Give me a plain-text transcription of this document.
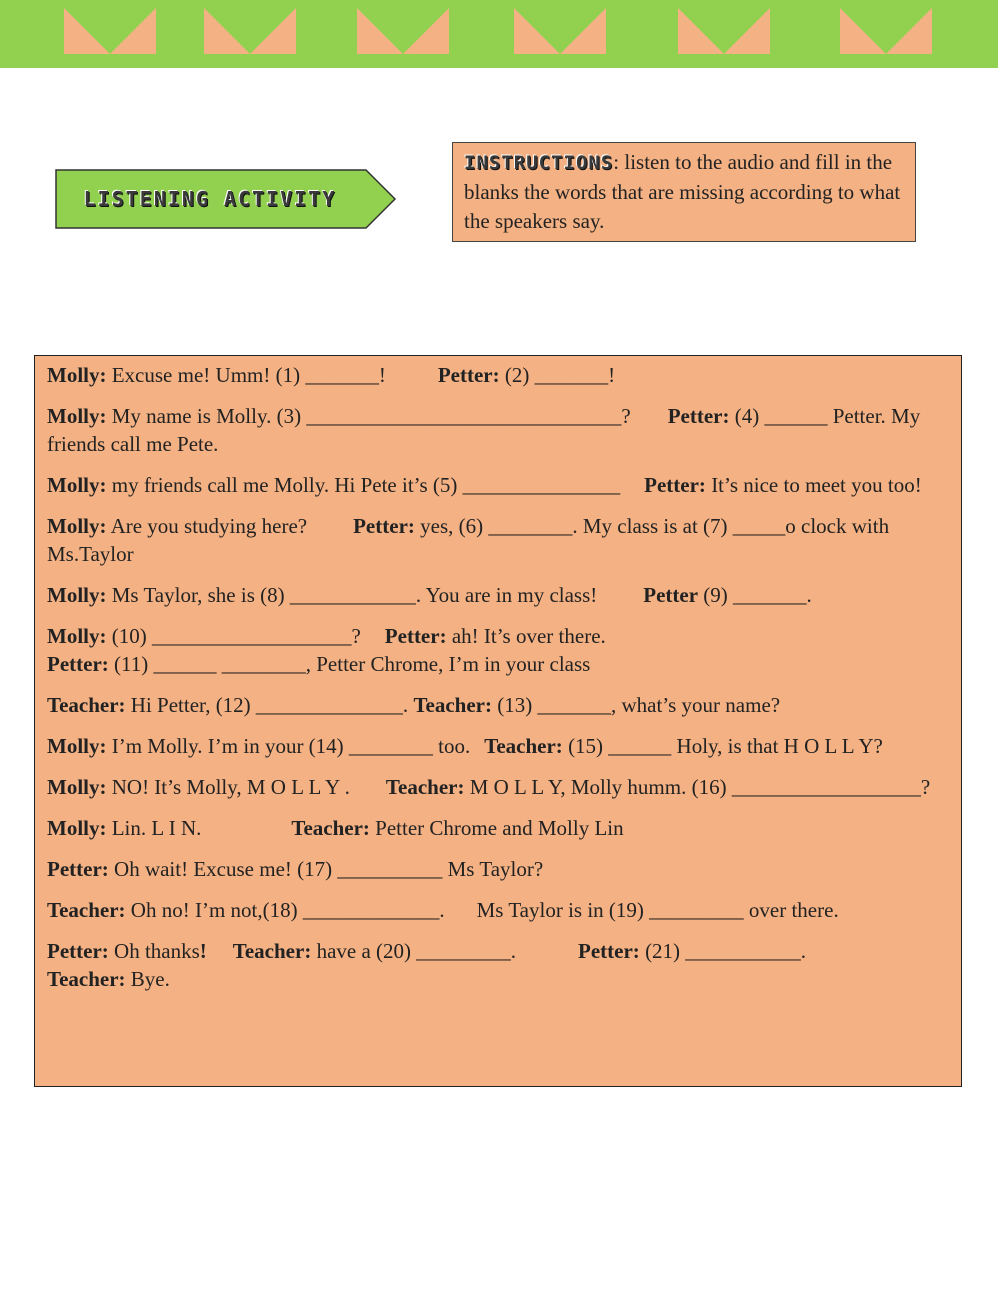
LISTENING ACTIVITY
INSTRUCTIONS: listen to the audio and fill in the blanks the words that are missing according to what the speakers say.
Molly: Excuse me! Umm! (1) _______! Petter: (2) _______!
Molly: My name is Molly. (3) ______________________________? Petter: (4) ______ Petter. My friends call me Pete.
Molly: my friends call me Molly. Hi Pete it’s (5) _______________ Petter: It’s nice to meet you too!
Molly: Are you studying here? Petter: yes, (6) ________. My class is at (7) _____o clock with Ms.Taylor
Molly: Ms Taylor, she is (8) ____________. You are in my class! Petter (9) _______.
Molly: (10) ___________________? Petter: ah! It’s over there.
Petter: (11) ______ ________, Petter Chrome, I’m in your class
Teacher: Hi Petter, (12) ______________. Teacher: (13) _______, what’s your name?
Molly: I’m Molly. I’m in your (14) ________ too. Teacher: (15) ______ Holy, is that H O L L Y?
Molly: NO! It’s Molly, M O L L Y . Teacher: M O L L Y, Molly humm. (16) __________________?
Molly: Lin. L I N.	Teacher: Petter Chrome and Molly Lin
Petter: Oh wait! Excuse me! (17) __________ Ms Taylor?
Teacher: Oh no! I’m not,(18) _____________. Ms Taylor is in (19) _________ over there.
Petter: Oh thanks! Teacher: have a (20) _________.	Petter: (21) ___________.
Teacher: Bye.
